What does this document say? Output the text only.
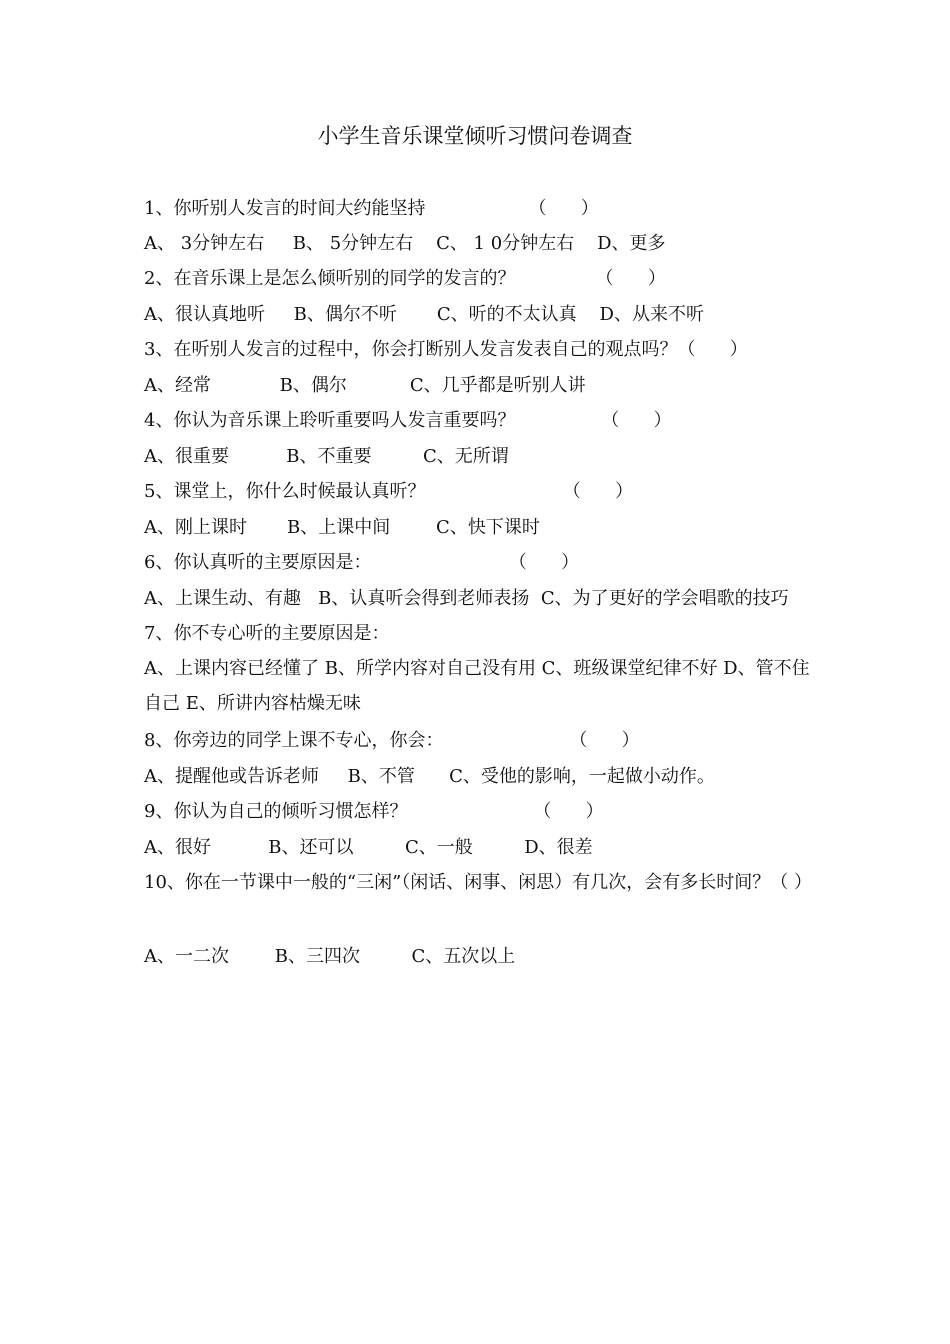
小学生音乐课堂倾听习惯问卷调查
1、你听别人发言的时间大约能坚持                  （      ）
A、 3分钟左右     B、 5分钟左右    C、 1 0分钟左右    D、更多
2、在音乐课上是怎么倾听别的同学的发言的？              （      ）
A、很认真地听     B、偶尔不听       C、听的不太认真    D、从来不听
3、在听别人发言的过程中，你会打断别人发言发表自己的观点吗？（      ）
A、经常            B、偶尔           C、几乎都是听别人讲
4、你认为音乐课上聆听重要吗人发言重要吗？               （      ）
A、很重要          B、不重要         C、无所谓
5、课堂上，你什么时候最认真听？                        （      ）
A、刚上课时       B、上课中间        C、快下课时
6、你认真听的主要原因是：                        （      ）
A、上课生动、有趣   B、认真听会得到老师表扬  C、为了更好的学会唱歌的技巧
7、你不专心听的主要原因是：
A、上课内容已经懂了 B、所学内容对自己没有用 C、班级课堂纪律不好 D、管不住自己 E、所讲内容枯燥无味
8、你旁边的同学上课不专心，你会：                      （      ）
A、提醒他或告诉老师     B、不管      C、受他的影响，一起做小动作。
9、你认为自己的倾听习惯怎样？                      （      ）
A、很好          B、还可以         C、一般         D、很差
10、你在一节课中一般的“三闲”（闲话、闲事、闲思）有几次，会有多长时间？（ ）
A、一二次        B、三四次         C、五次以上
